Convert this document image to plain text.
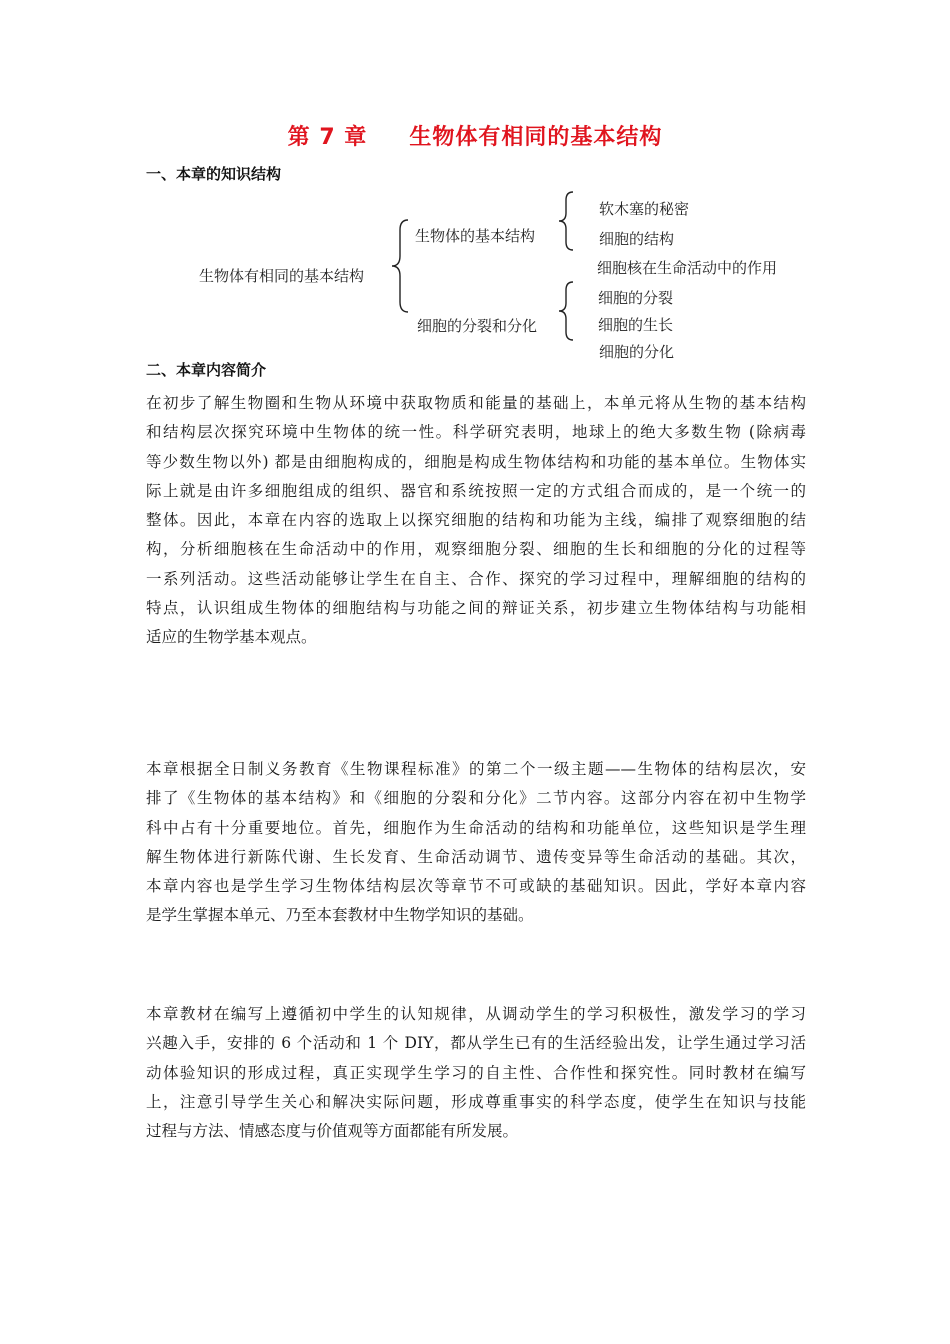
第 7 章 生物体有相同的基本结构
一、本章的知识结构
生物体有相同的基本结构
生物体的基本结构
细胞的分裂和分化
软木塞的秘密
细胞的结构
细胞核在生命活动中的作用
细胞的分裂
细胞的生长
细胞的分化
二、本章内容简介
在初步了解生物圈和生物从环境中获取物质和能量的基础上，本单元将从生物的基本结构
和结构层次探究环境中生物体的统一性。科学研究表明，地球上的绝大多数生物 (除病毒
等少数生物以外) 都是由细胞构成的，细胞是构成生物体结构和功能的基本单位。生物体实
际上就是由许多细胞组成的组织、器官和系统按照一定的方式组合而成的，是一个统一的
整体。因此，本章在内容的选取上以探究细胞的结构和功能为主线，编排了观察细胞的结
构，分析细胞核在生命活动中的作用，观察细胞分裂、细胞的生长和细胞的分化的过程等
一系列活动。这些活动能够让学生在自主、合作、探究的学习过程中，理解细胞的结构的
特点，认识组成生物体的细胞结构与功能之间的辩证关系，初步建立生物体结构与功能相
适应的生物学基本观点。
本章根据全日制义务教育《生物课程标准》的第二个一级主题——生物体的结构层次，安
排了《生物体的基本结构》和《细胞的分裂和分化》二节内容。这部分内容在初中生物学
科中占有十分重要地位。首先，细胞作为生命活动的结构和功能单位，这些知识是学生理
解生物体进行新陈代谢、生长发育、生命活动调节、遗传变异等生命活动的基础。其次，
本章内容也是学生学习生物体结构层次等章节不可或缺的基础知识。因此，学好本章内容
是学生掌握本单元、乃至本套教材中生物学知识的基础。
本章教材在编写上遵循初中学生的认知规律，从调动学生的学习积极性，激发学习的学习
兴趣入手，安排的 6 个活动和 1 个 DIY，都从学生已有的生活经验出发，让学生通过学习活
动体验知识的形成过程，真正实现学生学习的自主性、合作性和探究性。同时教材在编写
上，注意引导学生关心和解决实际问题，形成尊重事实的科学态度，使学生在知识与技能
过程与方法、情感态度与价值观等方面都能有所发展。
